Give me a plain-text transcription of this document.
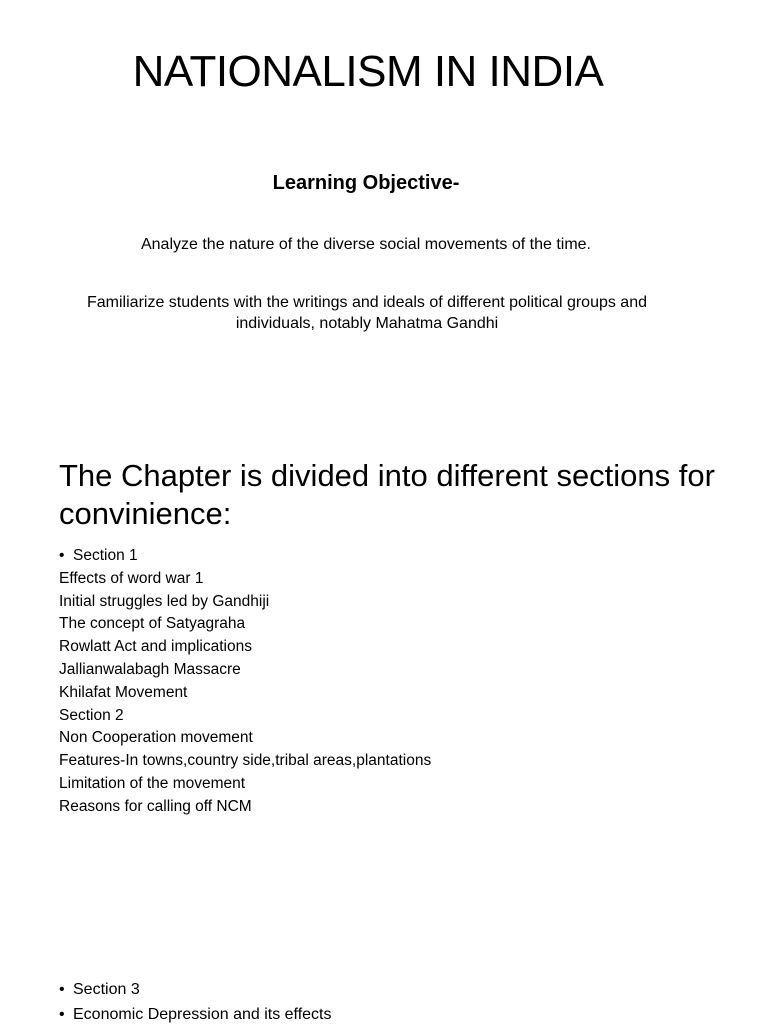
NATIONALISM IN INDIA
Learning Objective-
Analyze the nature of the diverse social movements of the time.
Familiarize students with the writings and ideals of different political groups and individuals, notably Mahatma Gandhi
The Chapter is divided into different sections for convinience:
• Section 1
Effects of word war 1
Initial struggles led by Gandhiji
The concept of Satyagraha
Rowlatt Act and implications
Jallianwalabagh Massacre
Khilafat Movement
Section 2
Non Cooperation movement
Features-In towns,country side,tribal areas,plantations
Limitation of the movement
Reasons for calling off NCM
• Section 3
• Economic Depression and its effects
